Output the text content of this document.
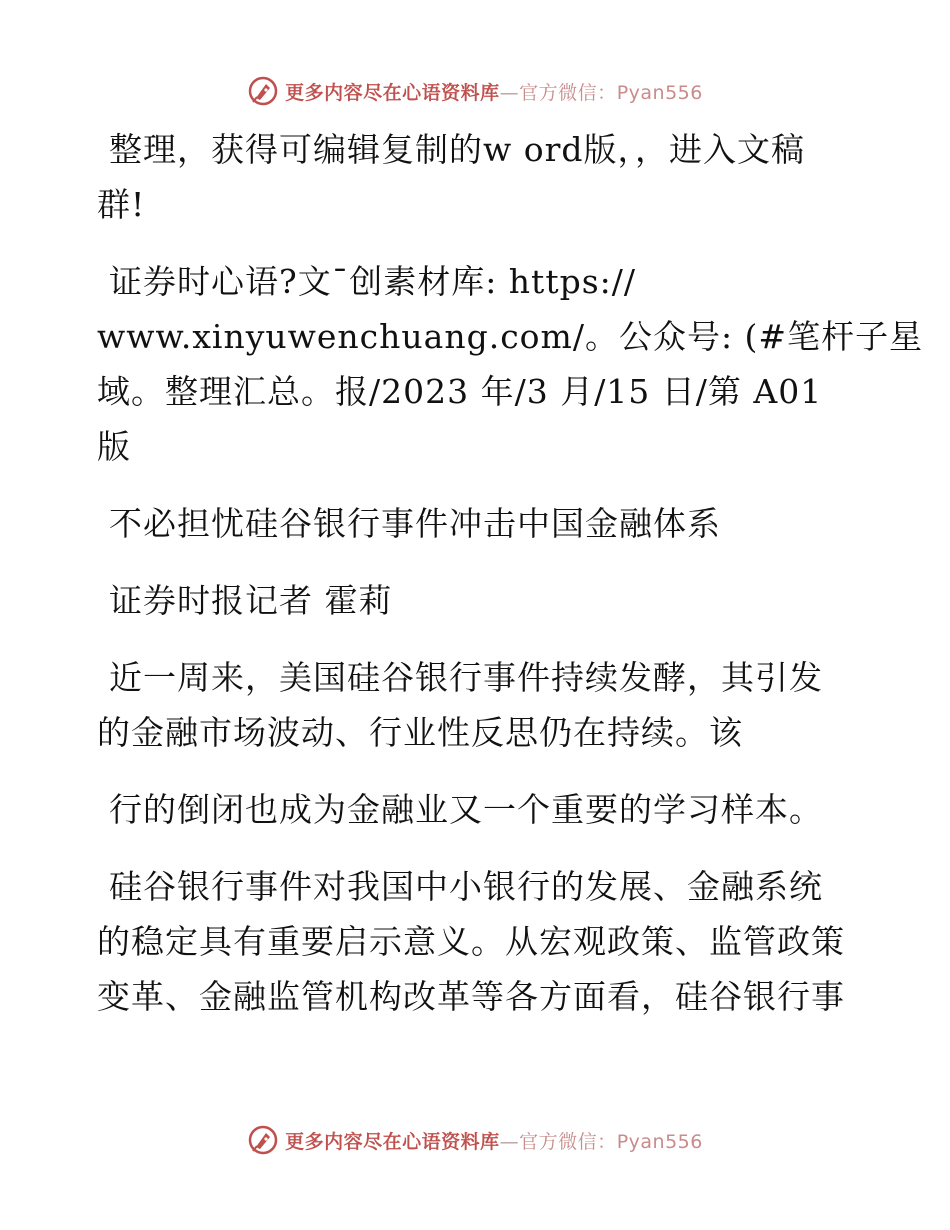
更多内容尽在心语资料库—官方微信：Pyan556
整理，获得可编辑复制的w ord版，，进入文稿
群!
证券时心语?文¯创素材库: https://
www.xinyuwenchuang.com/。公众号: (#笔杆子星
域。整理汇总。报/2023 年/3 月/15 日/第 A01
版
不必担忧硅谷银行事件冲击中国金融体系
证券时报记者 霍莉
近一周来，美国硅谷银行事件持续发酵，其引发
的金融市场波动、行业性反思仍在持续。该
行的倒闭也成为金融业又一个重要的学习样本。
硅谷银行事件对我国中小银行的发展、金融系统
的稳定具有重要启示意义。从宏观政策、监管政策
变革、金融监管机构改革等各方面看，硅谷银行事
更多内容尽在心语资料库—官方微信：Pyan556
